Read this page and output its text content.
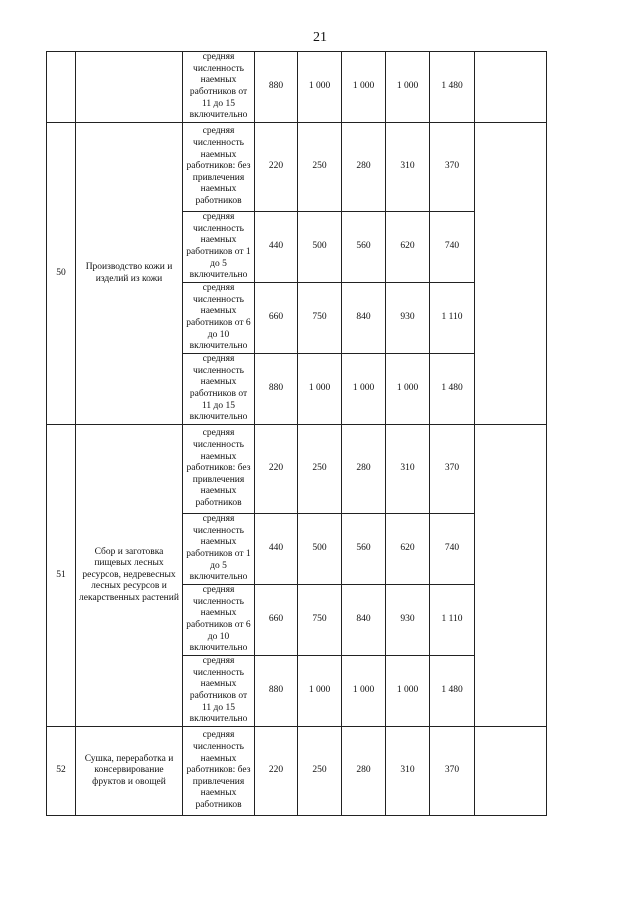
21
		средняя численность наемных работников от 11 до 15 включительно	880	1 000	1 000	1 000	1 480		
50	Производство кожи и изделий из кожи	средняя численность наемных работников: без привлечения наемных работников	220	250	280	310	370		
		средняя численность наемных работников от 1 до 5 включительно	440	500	560	620	740		
		средняя численность наемных работников от 6 до 10 включительно	660	750	840	930	1 110		
		средняя численность наемных работников от 11 до 15 включительно	880	1 000	1 000	1 000	1 480		
51	Сбор и заготовка пищевых лесных ресурсов, недревесных лесных ресурсов и лекарственных растений	средняя численность наемных работников: без привлечения наемных работников	220	250	280	310	370		
		средняя численность наемных работников от 1 до 5 включительно	440	500	560	620	740		
		средняя численность наемных работников от 6 до 10 включительно	660	750	840	930	1 110		
		средняя численность наемных работников от 11 до 15 включительно	880	1 000	1 000	1 000	1 480		
52	Сушка, переработка и консервирование фруктов и овощей	средняя численность наемных работников: без привлечения наемных работников	220	250	280	310	370		
